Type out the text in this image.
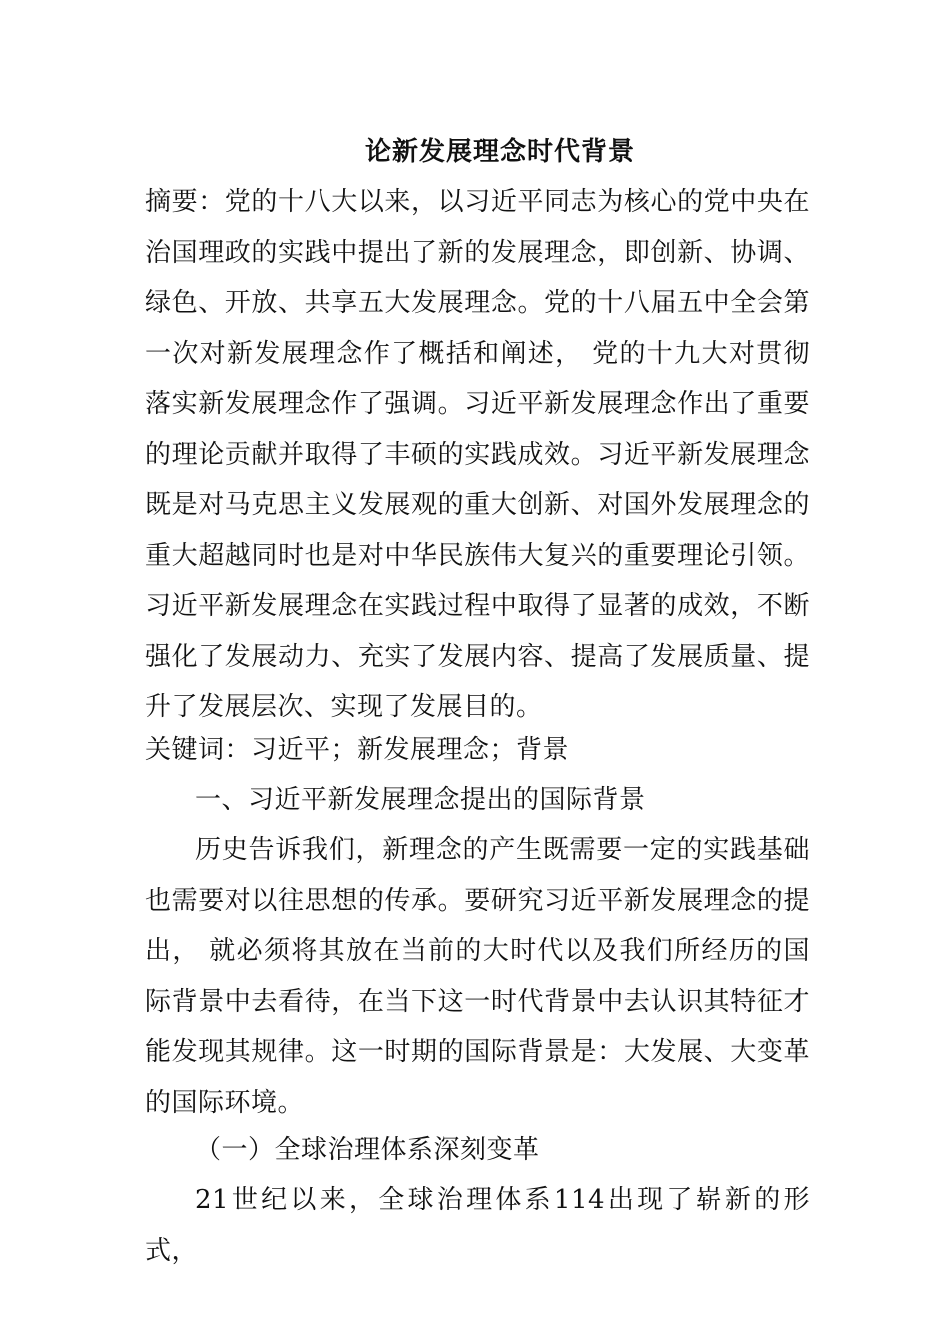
论新发展理念时代背景
摘要：党的十八大以来，以习近平同志为核心的党中央在治国理政的实践中提出了新的发展理念，即创新、协调、绿色、开放、共享五大发展理念。党的十八届五中全会第一次对新发展理念作了概括和阐述， 党的十九大对贯彻落实新发展理念作了强调。习近平新发展理念作出了重要的理论贡献并取得了丰硕的实践成效。习近平新发展理念既是对马克思主义发展观的重大创新、对国外发展理念的重大超越同时也是对中华民族伟大复兴的重要理论引领。习近平新发展理念在实践过程中取得了显著的成效，不断强化了发展动力、充实了发展内容、提高了发展质量、提升了发展层次、实现了发展目的。
关键词：习近平；新发展理念；背景
一、习近平新发展理念提出的国际背景
历史告诉我们，新理念的产生既需要一定的实践基础也需要对以往思想的传承。要研究习近平新发展理念的提出， 就必须将其放在当前的大时代以及我们所经历的国际背景中去看待，在当下这一时代背景中去认识其特征才能发现其规律。这一时期的国际背景是：大发展、大变革的国际环境。
（一）全球治理体系深刻变革
21世纪以来，全球治理体系114出现了崭新的形式，
